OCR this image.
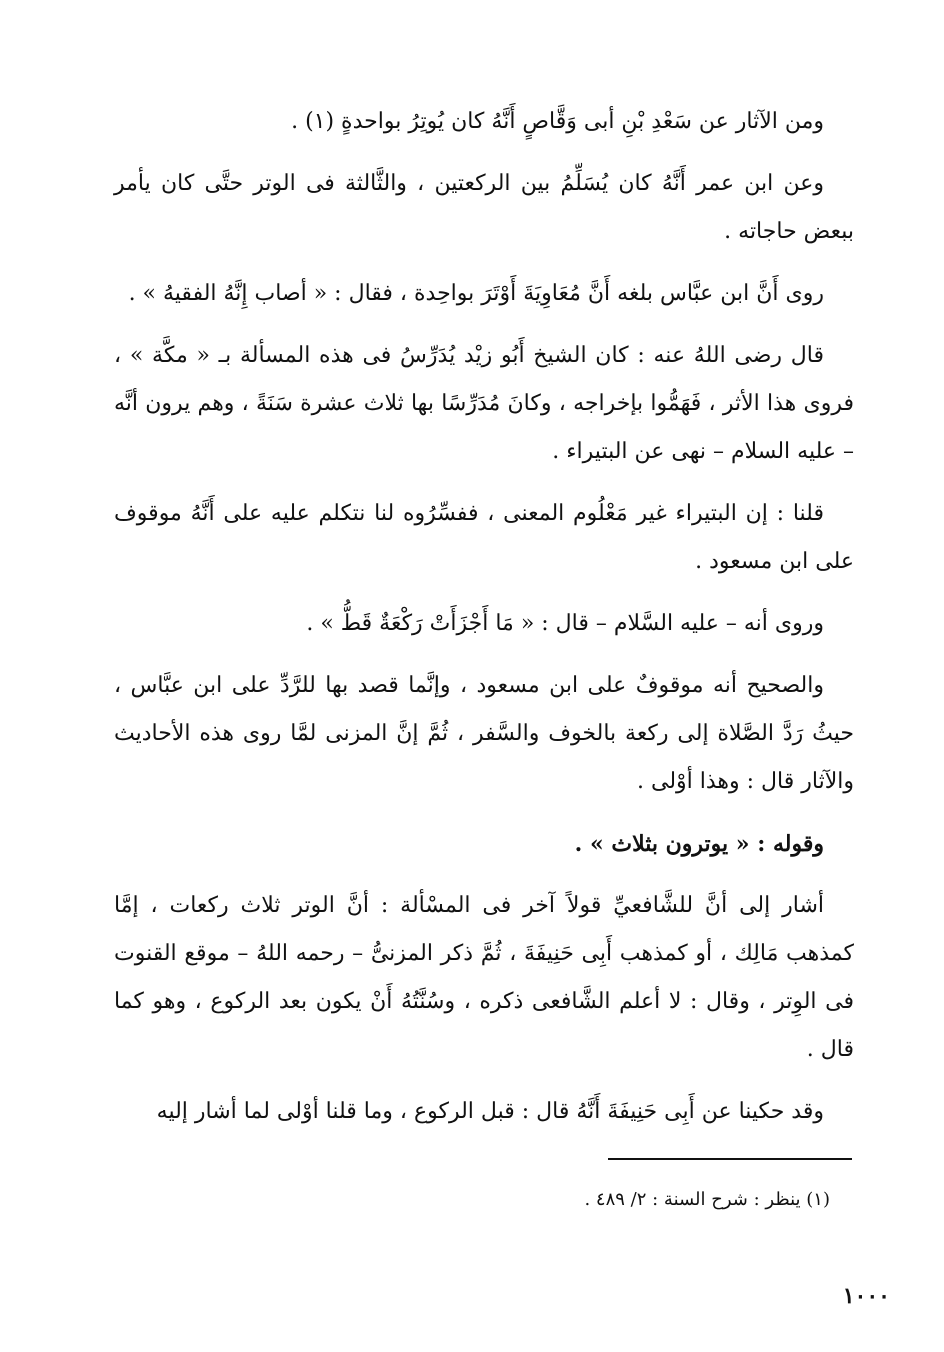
ومن الآثار عن سَعْدِ بْنِ أبى وَقَّاصٍ أَنَّهُ كان يُوتِرُ بواحدةٍ (١) .

وعن ابن عمر أَنَّهُ كان يُسَلِّمُ بين الركعتين ، والثَّالثة فى الوتر حتَّى كان يأمر ببعض حاجاته .

روى أَنَّ ابن عبَّاس بلغه أَنَّ مُعَاوِيَةَ أَوْتَرَ بواحِدة ، فقال : « أصاب إِنَّهُ الفقيهُ » .

قال رضى اللهُ عنه : كان الشيخ أَبُو زيْد يُدَرِّسُ فى هذه المسألة بـ « مكَّة » ، فروى هذا الأثر ، فَهَمُّوا بإخراجه ، وكانَ مُدَرِّسًا بها ثلاث عشرة سَنَةً ، وهم يرون أنَّه – عليه السلام – نهى عن البتيراء .

قلنا : إن البتيراء غير مَعْلُوم المعنى ، ففسِّرُوه لنا نتكلم عليه على أَنَّهُ موقوف على ابن مسعود .

وروى أنه – عليه السَّلام – قال : « مَا أَجْزَأَتْ رَكْعَةٌ قَطُّ » .

والصحيح أنه موقوفٌ على ابن مسعود ، وإنَّما قصد بها للرَّدِّ على ابن عبَّاس ، حيثُ رَدَّ الصَّلاة إلى ركعة بالخوف والسَّفر ، ثُمَّ إنَّ المزنى لمَّا روى هذه الأحاديث والآثار قال : وهذا أوْلى .

وقوله : « يوترون بثلاث » .

أشار إلى أنَّ للشَّافعيِّ قولاً آخر فى المسْألة : أنَّ الوتر ثلاث ركعات ، إمَّا كمذهب مَالِك ، أو كمذهب أَبِى حَنِيفَةَ ، ثُمَّ ذكر المزنىُّ – رحمه اللهُ – موقع القنوت فى الوِتر ، وقال : لا أعلم الشَّافعى ذكره ، وسُنَّتُهُ أَنْ يكون بعد الركوع ، وهو كما قال .

وقد حكينا عن أَبِى حَنِيفَةَ أَنَّهُ قال : قبل الركوع ، وما قلنا أوْلى لما أشار إليه

(١) ينظر : شرح السنة : ٢/ ٤٨٩ .
١٠٠٠
